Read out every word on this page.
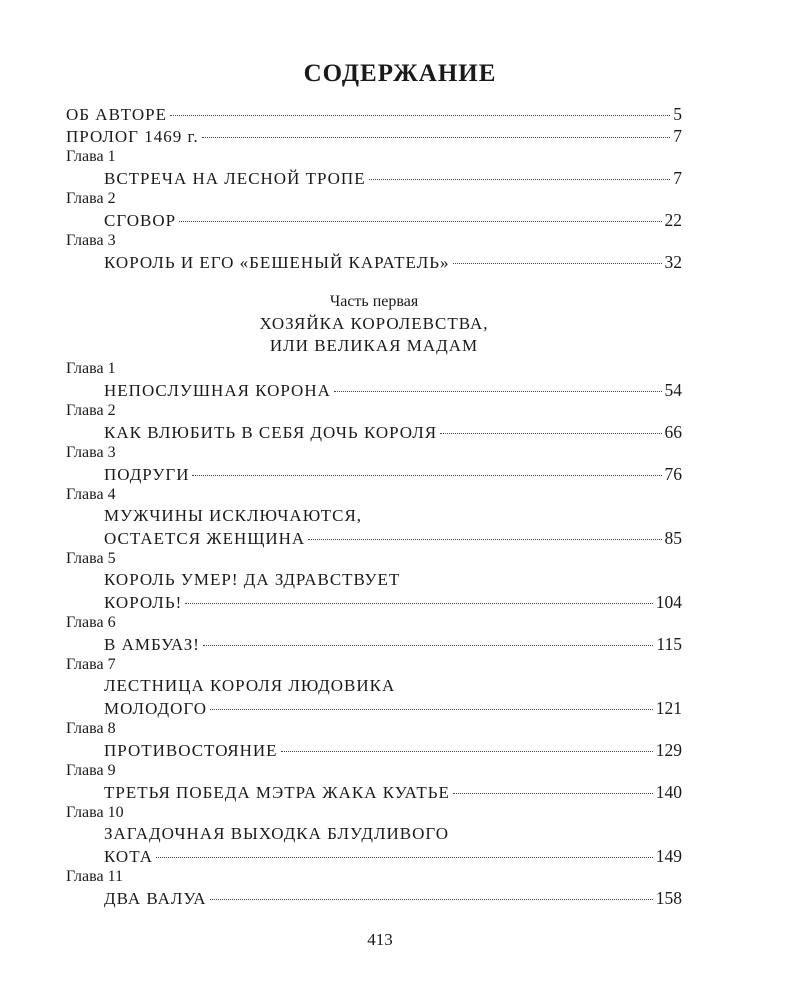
СОДЕРЖАНИЕ
ОБ АВТОРЕ	5
ПРОЛОГ 1469 г.	7
Глава 1
ВСТРЕЧА НА ЛЕСНОЙ ТРОПЕ	7
Глава 2
СГОВОР	22
Глава 3
КОРОЛЬ И ЕГО «БЕШЕНЫЙ КАРАТЕЛЬ»	32
Часть первая
ХОЗЯЙКА КОРОЛЕВСТВА,
ИЛИ ВЕЛИКАЯ МАДАМ
Глава 1
НЕПОСЛУШНАЯ КОРОНА	54
Глава 2
КАК ВЛЮБИТЬ В СЕБЯ ДОЧЬ КОРОЛЯ	66
Глава 3
ПОДРУГИ	76
Глава 4
МУЖЧИНЫ ИСКЛЮЧАЮТСЯ,
ОСТАЕТСЯ ЖЕНЩИНА	85
Глава 5
КОРОЛЬ УМЕР! ДА ЗДРАВСТВУЕТ
КОРОЛЬ!	104
Глава 6
В АМБУАЗ!	115
Глава 7
ЛЕСТНИЦА КОРОЛЯ ЛЮДОВИКА
МОЛОДОГО	121
Глава 8
ПРОТИВОСТОЯНИЕ	129
Глава 9
ТРЕТЬЯ ПОБЕДА МЭТРА ЖАКА КУАТЬЕ	140
Глава 10
ЗАГАДОЧНАЯ ВЫХОДКА БЛУДЛИВОГО
КОТА	149
Глава 11
ДВА ВАЛУА	158
413
